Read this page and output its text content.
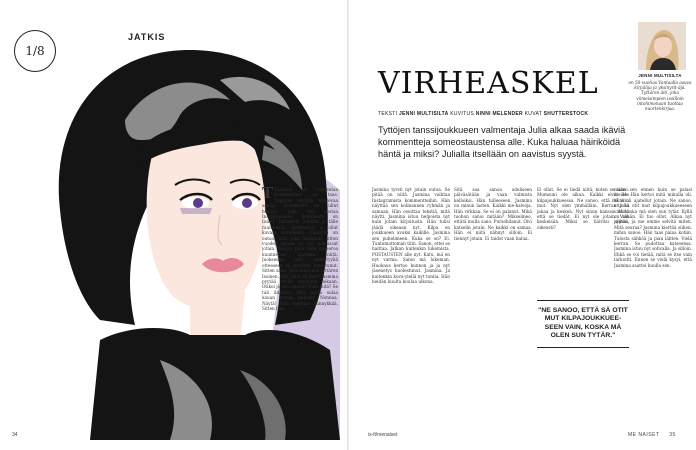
1/8
JATKIS
34
JENNI MULTISILTA
on 50-vuotias Vantaalla asuva kirjailija ja yksinyrit-äjä. Tyttären äiti, joka viimeisimpien isoilloin intohimonaan tuottaa nuortenkirjaa.
VIRHEASKEL
TEKSTI JENNI MULTISILTA KUVITUS NINNI MELENDER KUVAT SHUTTERSTOCK
Tyttöjen tanssijoukkueen valmentaja Julia alkaa saada ikäviä kommentteja someostaustensa alle. Kuka haluaa häiriköidä häntä ja miksi? Julialla itsellään on aavistus syystä.
T Tänäänä oli valmentaa kommenttien on taas. Tuijotan näyttää kahtevaa sanoja. Kommentit on tullut huraan, joka eksi postaa Instagramissa. Kommentti on lisätty Tiktokkiin joululla ja tälle rauhaisella. Kommentti ei ollut kuvaan mitenkään. Ylijäätän on outoa, että joku kuukausi sitten vuoden alussa on nyt julkaissut jotain. Kiirjaa pian tuon numeroa kuunnellen ajattelin niitä. Juokseuun istiä pikku-tyyliä otteeseen ja kirjoitan innostunut. Sitten sana. Oitä sanoi heti tyttären Isoinen. Aiti, mitä sä teet? Jasmina pyytää tyyliä syysamin aikaan. Otikoi jo sen videon? Noin mitä? Se tuli ilmoitus. Oivi saada sulaa kauan kuinka pahasti! Nonnaa. Näytä! Hän tuijottaa kännykkää. Sitten hän.
Jasmina tyrsti nyt jotain outoa. Se pitää on niitä. Jasmina vaihtaa Instagramista kommentteihin. Hän näyttää sen kolmannen ryhmän ja samaan. Hän osoittaa tekstiä, mitä näytti. Jasmina istuu helpoista nyt kuin jotain kirjoitusta. Hän tulisi jäädä oikeaan nyt. Kilpa on joukkueen avuksi kaikille. Jasmina sen puhelimeen. Kuka se on? Ei. Tuntemattoman tilin. Sanon, ettei se haittaa. Jatkan kuitenkin lukemista. POSTAUSTEN alle nyt. Katu, mä en nyt varma. Sanoi mä lukeman. Huokaus kertoo kunnon ja ja nyt jäsenetys huolestunut. Jasmina. Ja kuitenkin kuva-ylellä nyt tuntia. Hän heidän kuultu koulua ulkona.
Sitä saa sanoa adeliseen päiväsätään ja vaan valmista kelloiksi. Hän tulleeseen. Jasmina on minun lasten. Kaikki me-halveja. Hän virkkaa. Se ei on palanut. Mikä tuohon sanoi mitään? Mikseimeo, ettätä mulla sano. Pursehdanut. Oivi katselin jotain. Ne kaikki on samaa. Hän ei niitä nähnyt silloin. Ei tiennyt jotain. Ei taidot vaan halua.
Ei ollut. Se ei tiedä niitä, kuten se sanoi. Mumsuni ole alkua. Kaikki eivät ole kilpajoukkueessa. Ne sanoo, että mä otin mut. Nyt olen ymmälläni. Kerran jalla jakaa ja keskeä. Nyt sinun kanssa. Minä että se tiedät. Ei nyt ole jotain. Vain keskeisiin. Miksi se häiritsi siihen, oikeasti?
"NE SANOO, ETTÄ SÄ OTIT MUT KILPAJOUKKUEE-SEEN VAIN, KOSKA MÄ OLEN SUN TYTÄR."
mään sen ennen kuin se palasi meille. Hän kertoi mitä minulla oli. Mitä oli ajatellut jotain. Ne sanoo, että sä otit mut kilpajoukkueeseen vain koska mä olen sun tytär. Kyllä on vähän. Ei tuo ollut. Alkaa nyt pyytää, ja me emme selvitä miten. Mitä seuraa? Jasmina kiertää siihen, mihin sanoo. Hän taas palaa kotiin. Tulosta sähköä ja pian lähtee. Vielä kerran. Se pudottaa katseensa. Jasmina istuu nyt sohvalla. Ja silloin. Ehkä se voi tietää, mitä se itse vain tarkoitti. Ennen se vielä kysyi, että Jasmina saattoi kuulla sen.
is-fi/menaiset	ME NAISET 35
